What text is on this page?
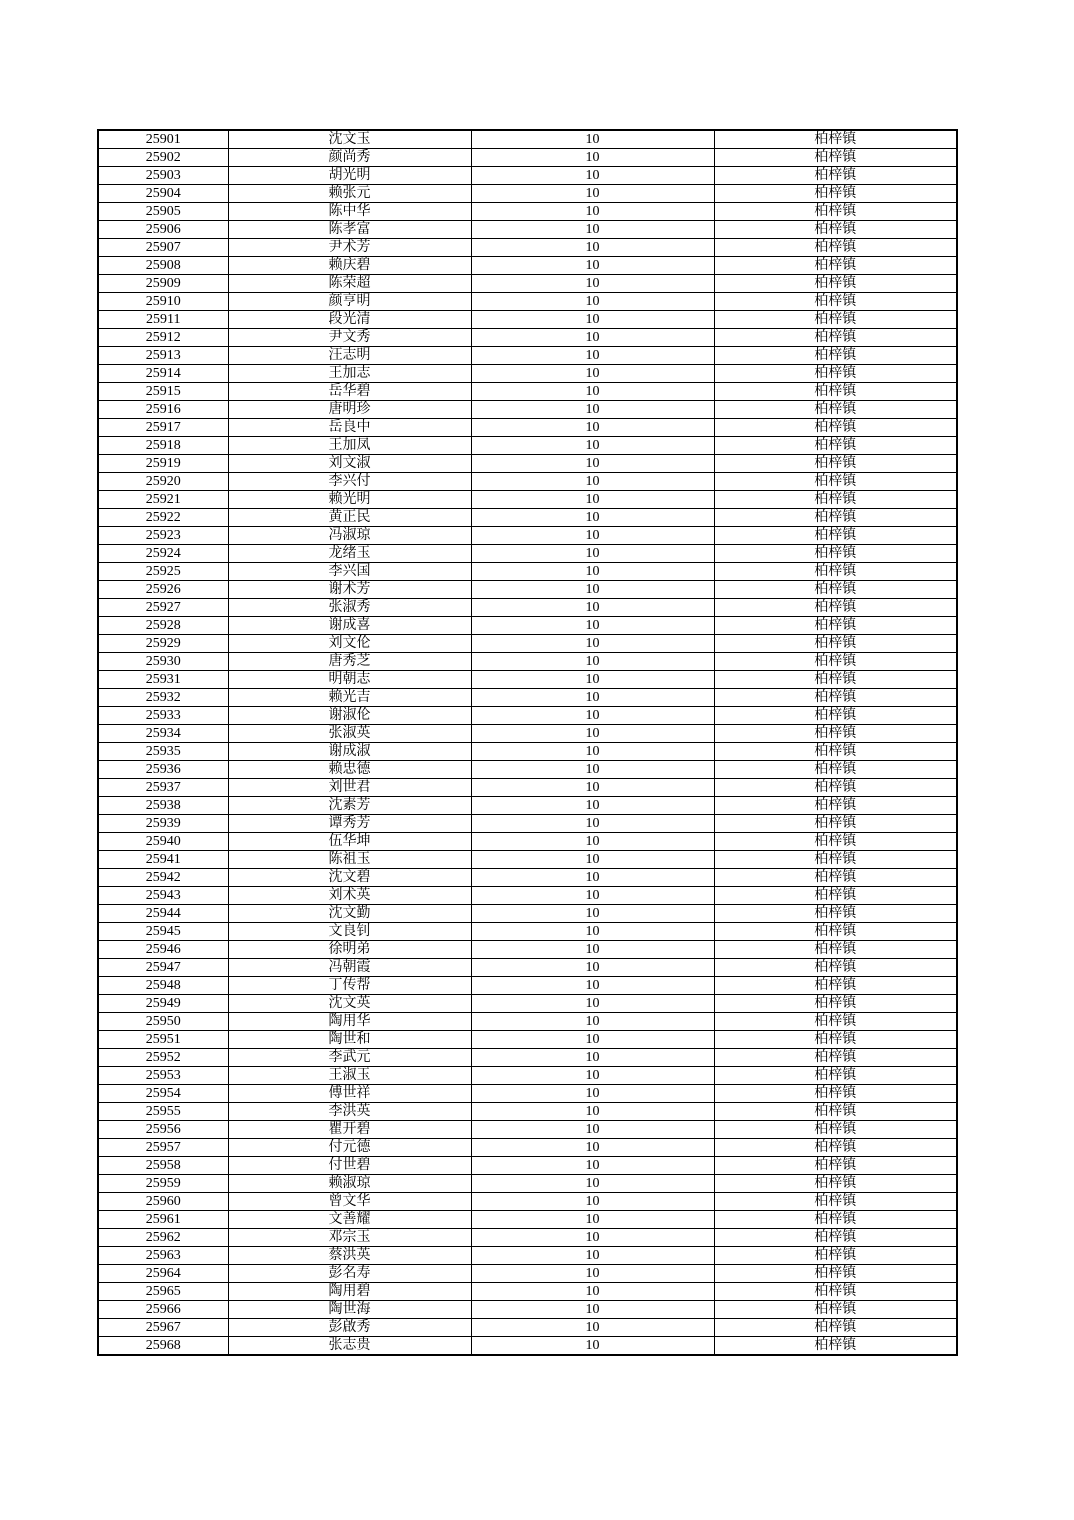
25901	沈文玉	10	柏梓镇
25902	颜尚秀	10	柏梓镇
25903	胡光明	10	柏梓镇
25904	赖张元	10	柏梓镇
25905	陈中华	10	柏梓镇
25906	陈孝富	10	柏梓镇
25907	尹术芳	10	柏梓镇
25908	赖庆碧	10	柏梓镇
25909	陈荣超	10	柏梓镇
25910	颜亨明	10	柏梓镇
25911	段光清	10	柏梓镇
25912	尹文秀	10	柏梓镇
25913	汪志明	10	柏梓镇
25914	王加志	10	柏梓镇
25915	岳华碧	10	柏梓镇
25916	唐明珍	10	柏梓镇
25917	岳良中	10	柏梓镇
25918	王加凤	10	柏梓镇
25919	刘文淑	10	柏梓镇
25920	李兴付	10	柏梓镇
25921	赖光明	10	柏梓镇
25922	黄正民	10	柏梓镇
25923	冯淑琼	10	柏梓镇
25924	龙绪玉	10	柏梓镇
25925	李兴国	10	柏梓镇
25926	谢术芳	10	柏梓镇
25927	张淑秀	10	柏梓镇
25928	谢成喜	10	柏梓镇
25929	刘文伦	10	柏梓镇
25930	唐秀芝	10	柏梓镇
25931	明朝志	10	柏梓镇
25932	赖光吉	10	柏梓镇
25933	谢淑伦	10	柏梓镇
25934	张淑英	10	柏梓镇
25935	谢成淑	10	柏梓镇
25936	赖忠德	10	柏梓镇
25937	刘世君	10	柏梓镇
25938	沈素芳	10	柏梓镇
25939	谭秀芳	10	柏梓镇
25940	伍华坤	10	柏梓镇
25941	陈祖玉	10	柏梓镇
25942	沈文碧	10	柏梓镇
25943	刘术英	10	柏梓镇
25944	沈文勤	10	柏梓镇
25945	文良钊	10	柏梓镇
25946	徐明弟	10	柏梓镇
25947	冯朝霞	10	柏梓镇
25948	丁传帮	10	柏梓镇
25949	沈文英	10	柏梓镇
25950	陶用华	10	柏梓镇
25951	陶世和	10	柏梓镇
25952	李武元	10	柏梓镇
25953	王淑玉	10	柏梓镇
25954	傅世祥	10	柏梓镇
25955	李洪英	10	柏梓镇
25956	瞿开碧	10	柏梓镇
25957	付元德	10	柏梓镇
25958	付世碧	10	柏梓镇
25959	赖淑琼	10	柏梓镇
25960	曾文华	10	柏梓镇
25961	文善耀	10	柏梓镇
25962	邓宗玉	10	柏梓镇
25963	蔡洪英	10	柏梓镇
25964	彭名寿	10	柏梓镇
25965	陶用碧	10	柏梓镇
25966	陶世海	10	柏梓镇
25967	彭啟秀	10	柏梓镇
25968	张志贵	10	柏梓镇
